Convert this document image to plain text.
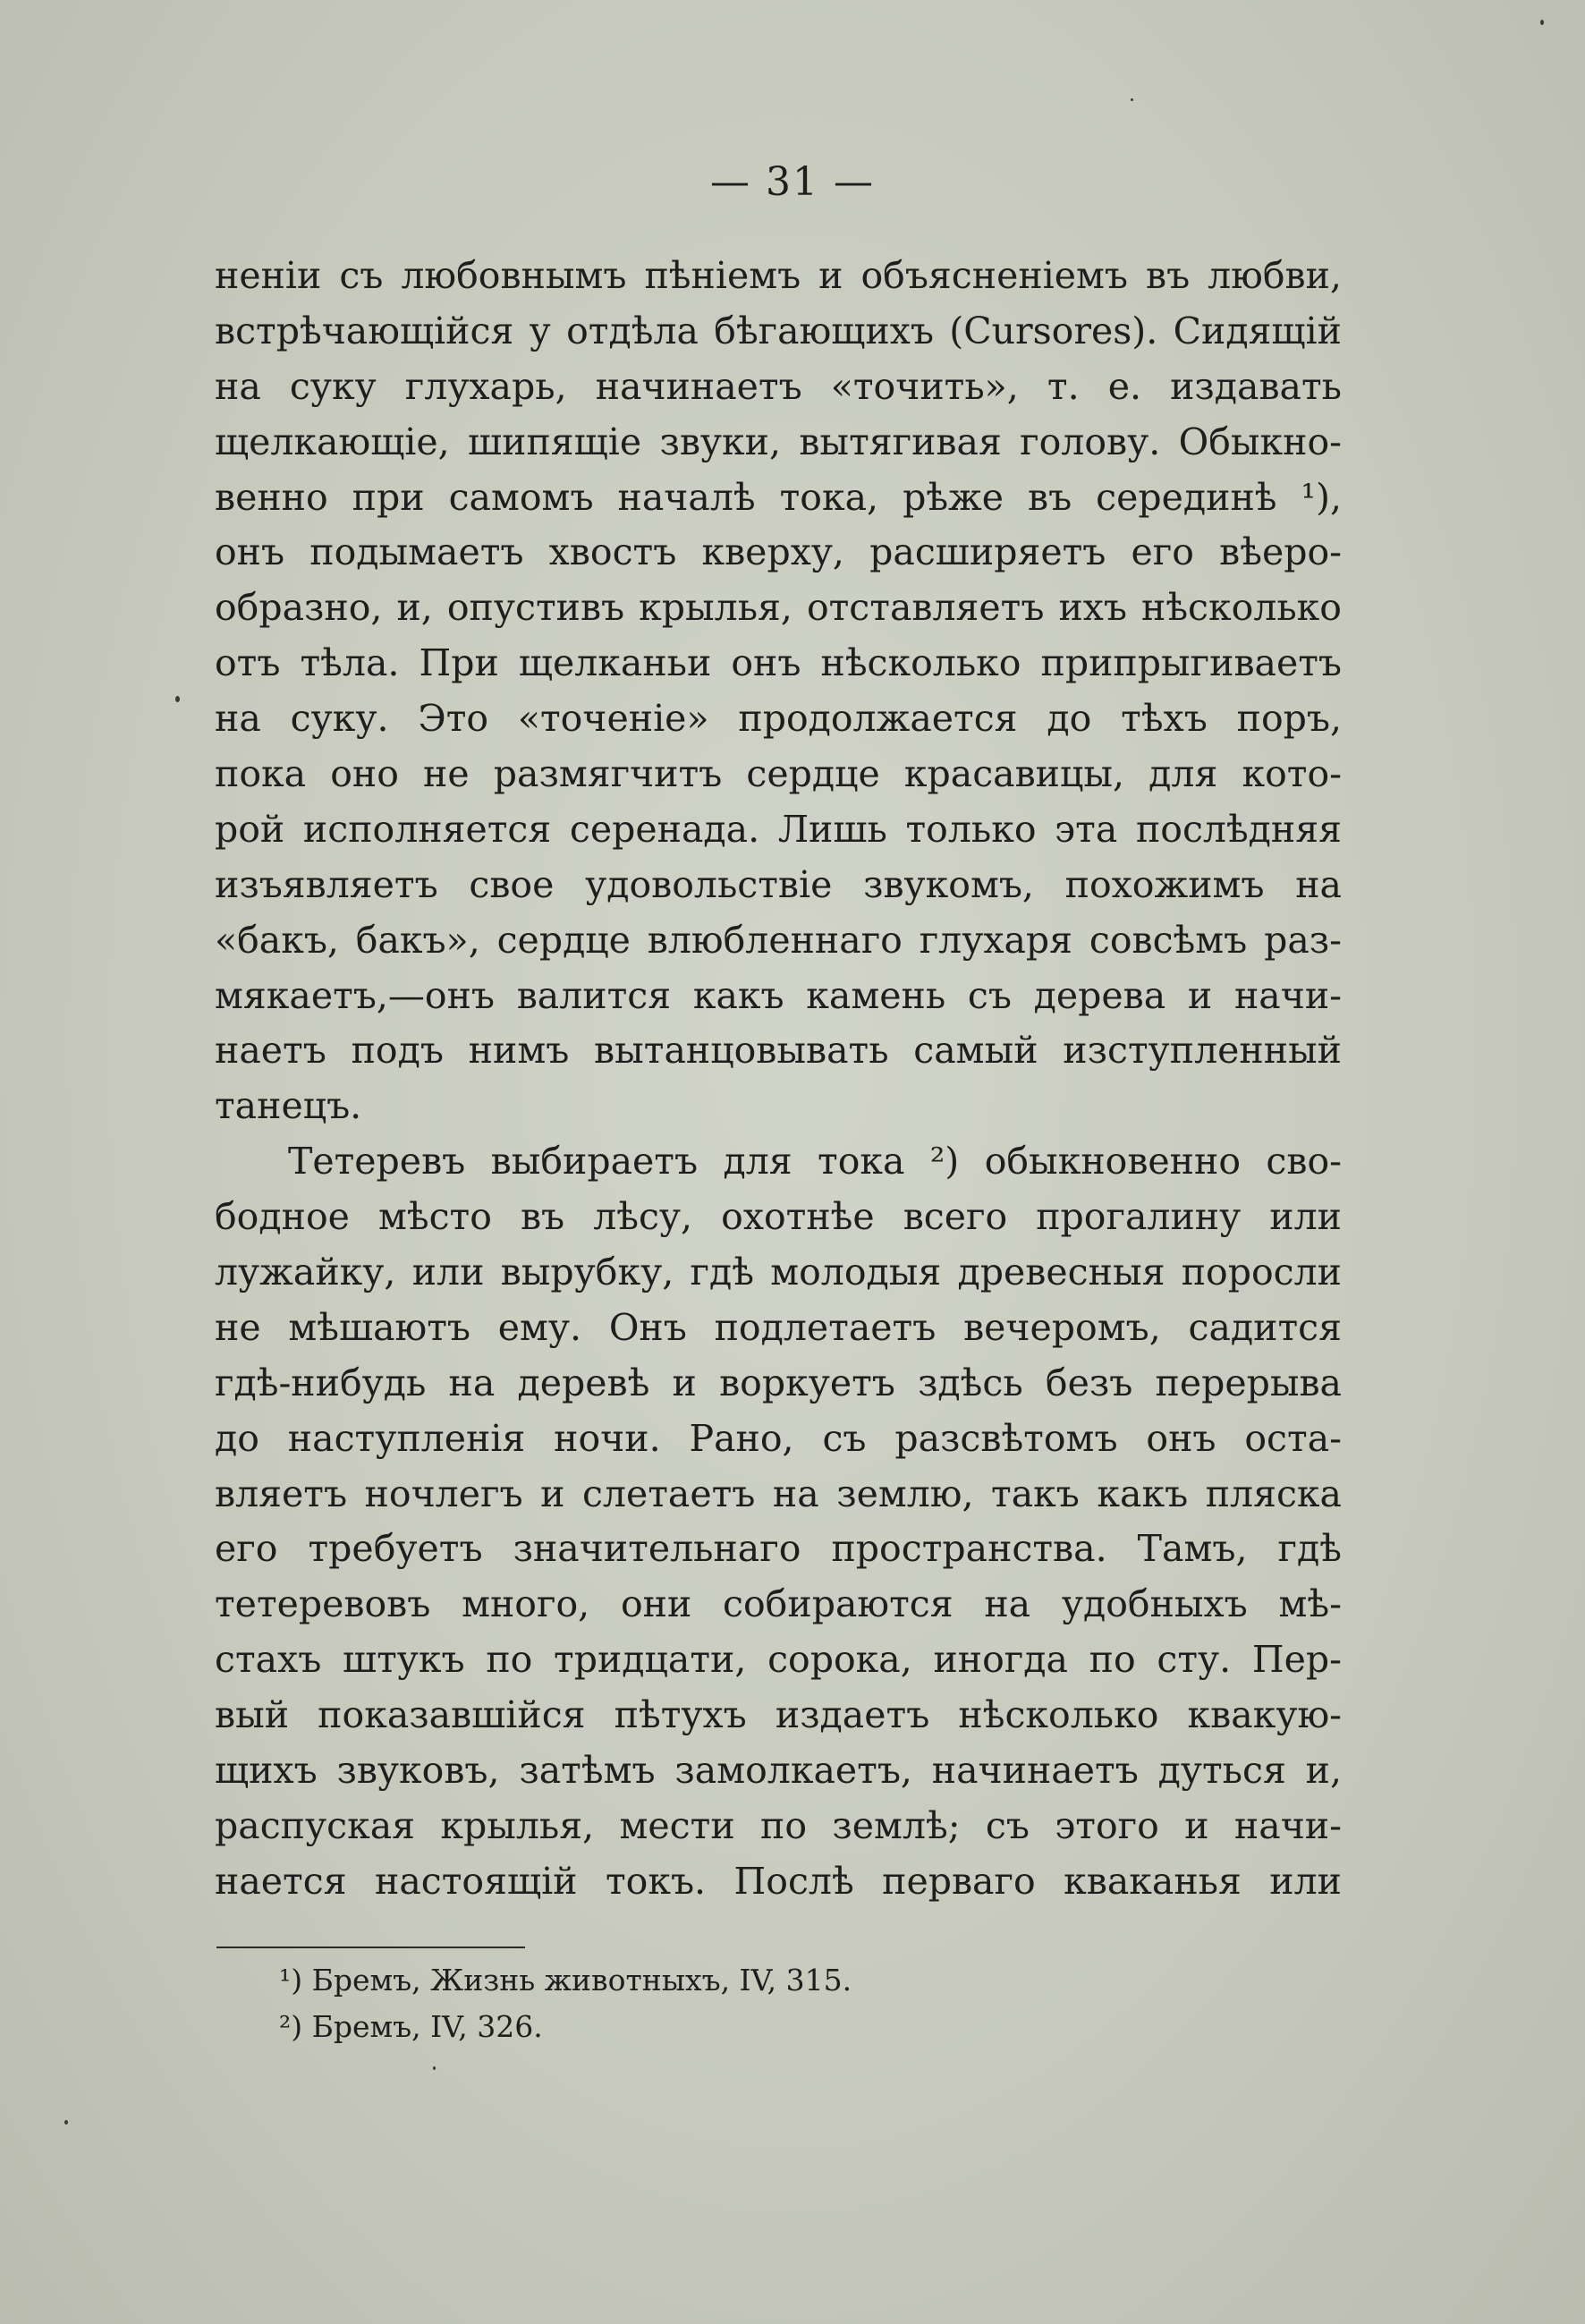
— 31 —
неніи съ любовнымъ пѣніемъ и объясненіемъ въ любви,
встрѣчающійся у отдѣла бѣгающихъ (Cursores). Сидящій
на суку глухарь, начинаетъ «точить», т. е. издавать
щелкающіе, шипящіе звуки, вытягивая голову. Обыкно-
венно при самомъ началѣ тока, рѣже въ серединѣ ¹),
онъ подымаетъ хвостъ кверху, расширяетъ его вѣеро-
образно, и, опустивъ крылья, отставляетъ ихъ нѣсколько
отъ тѣла. При щелканьи онъ нѣсколько припрыгиваетъ
на суку. Это «точеніе» продолжается до тѣхъ поръ,
пока оно не размягчитъ сердце красавицы, для кото-
рой исполняется серенада. Лишь только эта послѣдняя
изъявляетъ свое удовольствіе звукомъ, похожимъ на
«бакъ, бакъ», сердце влюбленнаго глухаря совсѣмъ раз-
мякаетъ,—онъ валится какъ камень съ дерева и начи-
наетъ подъ нимъ вытанцовывать самый изступленный
танецъ.
Тетеревъ выбираетъ для тока ²) обыкновенно сво-
бодное мѣсто въ лѣсу, охотнѣе всего прогалину или
лужайку, или вырубку, гдѣ молодыя древесныя поросли
не мѣшаютъ ему. Онъ подлетаетъ вечеромъ, садится
гдѣ-нибудь на деревѣ и воркуетъ здѣсь безъ перерыва
до наступленія ночи. Рано, съ разсвѣтомъ онъ оста-
вляетъ ночлегъ и слетаетъ на землю, такъ какъ пляска
его требуетъ значительнаго пространства. Тамъ, гдѣ
тетеревовъ много, они собираются на удобныхъ мѣ-
стахъ штукъ по тридцати, сорока, иногда по сту. Пер-
вый показавшійся пѣтухъ издаетъ нѣсколько квакую-
щихъ звуковъ, затѣмъ замолкаетъ, начинаетъ дуться и,
распуская крылья, мести по землѣ; съ этого и начи-
нается настоящій токъ. Послѣ перваго кваканья или
¹) Бремъ, Жизнь животныхъ, IV, 315.
²) Бремъ, IV, 326.
